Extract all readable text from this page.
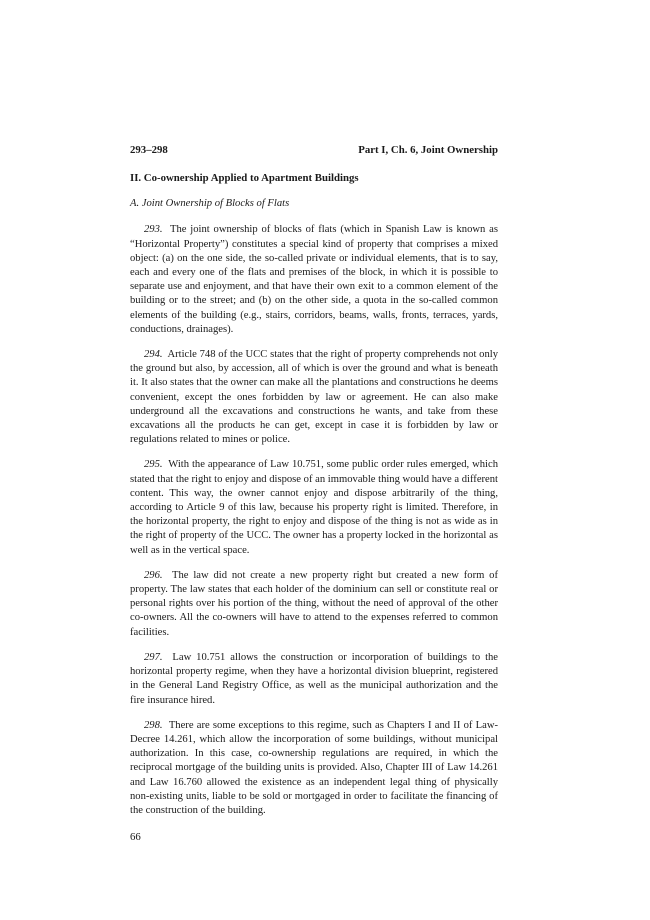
293–298	Part I, Ch. 6, Joint Ownership
II. Co-ownership Applied to Apartment Buildings
A. Joint Ownership of Blocks of Flats

293. The joint ownership of blocks of flats (which in Spanish Law is known as “Horizontal Property”) constitutes a special kind of property that comprises a mixed object: (a) on the one side, the so-called private or individual elements, that is to say, each and every one of the flats and premises of the block, in which it is possible to separate use and enjoyment, and that have their own exit to a common element of the building or to the street; and (b) on the other side, a quota in the so-called common elements of the building (e.g., stairs, corridors, beams, walls, fronts, terraces, yards, conductions, drainages).

294. Article 748 of the UCC states that the right of property comprehends not only the ground but also, by accession, all of which is over the ground and what is beneath it. It also states that the owner can make all the plantations and constructions he deems convenient, except the ones forbidden by law or agreement. He can also make underground all the excavations and constructions he wants, and take from these excavations all the products he can get, except in case it is forbidden by law or regulations related to mines or police.

295. With the appearance of Law 10.751, some public order rules emerged, which stated that the right to enjoy and dispose of an immovable thing would have a different content. This way, the owner cannot enjoy and dispose arbitrarily of the thing, according to Article 9 of this law, because his property right is limited. Therefore, in the horizontal property, the right to enjoy and dispose of the thing is not as wide as in the right of property of the UCC. The owner has a property locked in the horizontal as well as in the vertical space.

296. The law did not create a new property right but created a new form of property. The law states that each holder of the dominium can sell or constitute real or personal rights over his portion of the thing, without the need of approval of the other co-owners. All the co-owners will have to attend to the expenses referred to common facilities.

297. Law 10.751 allows the construction or incorporation of buildings to the horizontal property regime, when they have a horizontal division blueprint, registered in the General Land Registry Office, as well as the municipal authorization and the fire insurance hired.

298. There are some exceptions to this regime, such as Chapters I and II of Law-Decree 14.261, which allow the incorporation of some buildings, without municipal authorization. In this case, co-ownership regulations are required, in which the reciprocal mortgage of the building units is provided. Also, Chapter III of Law 14.261 and Law 16.760 allowed the existence as an independent legal thing of physically non-existing units, liable to be sold or mortgaged in order to facilitate the financing of the construction of the building.

66
